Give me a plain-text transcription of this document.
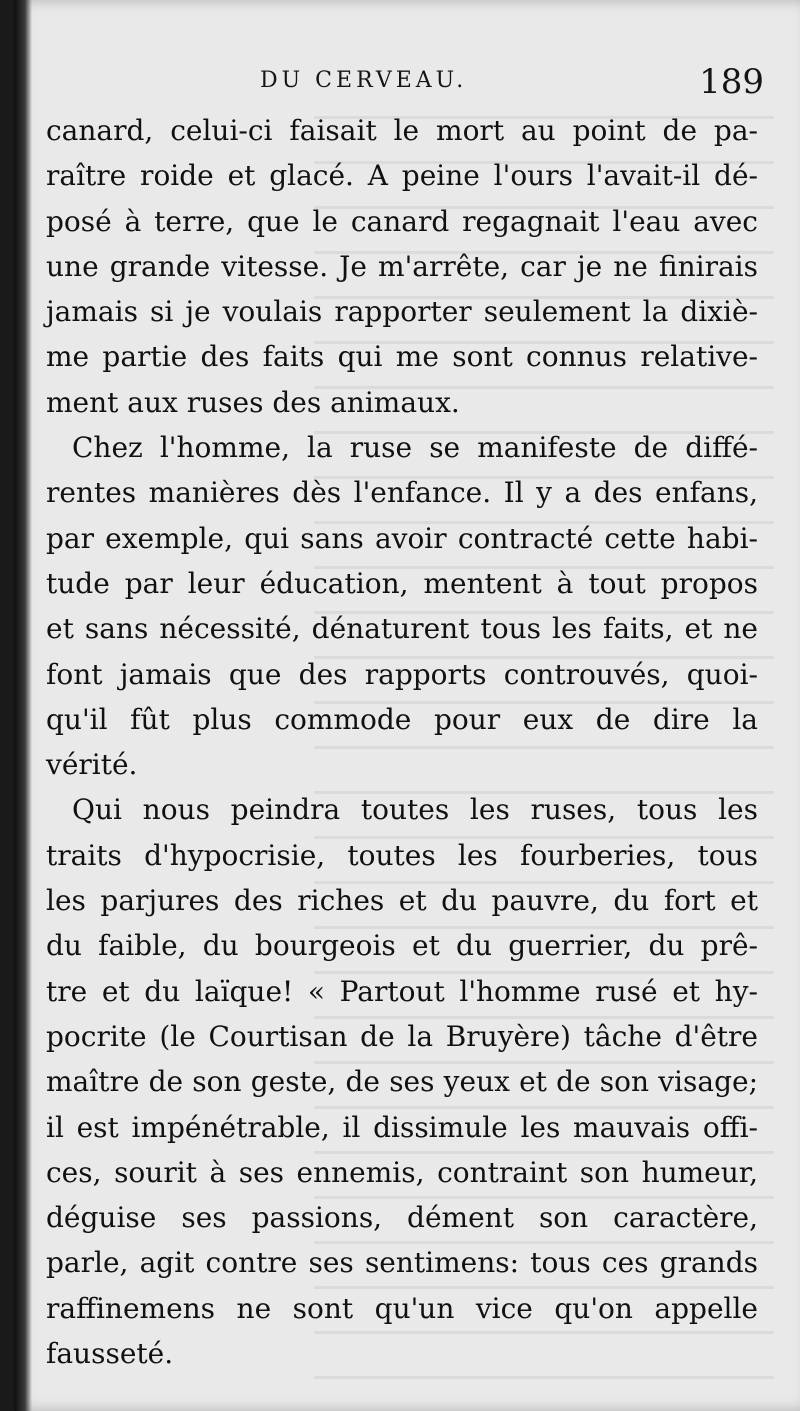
DU CERVEAU.	189
canard, celui-ci faisait le mort au point de pa-
raître roide et glacé. A peine l'ours l'avait-il dé-
posé à terre, que le canard regagnait l'eau avec
une grande vitesse. Je m'arrête, car je ne finirais
jamais si je voulais rapporter seulement la dixiè-
me partie des faits qui me sont connus relative-
ment aux ruses des animaux.
Chez l'homme, la ruse se manifeste de diffé-
rentes manières dès l'enfance. Il y a des enfans,
par exemple, qui sans avoir contracté cette habi-
tude par leur éducation, mentent à tout propos
et sans nécessité, dénaturent tous les faits, et ne
font jamais que des rapports controuvés, quoi-
qu'il fût plus commode pour eux de dire la
vérité.
Qui nous peindra toutes les ruses, tous les
traits d'hypocrisie, toutes les fourberies, tous
les parjures des riches et du pauvre, du fort et
du faible, du bourgeois et du guerrier, du prê-
tre et du laïque! « Partout l'homme rusé et hy-
pocrite (le Courtisan de la Bruyère) tâche d'être
maître de son geste, de ses yeux et de son visage;
il est impénétrable, il dissimule les mauvais offi-
ces, sourit à ses ennemis, contraint son humeur,
déguise ses passions, dément son caractère,
parle, agit contre ses sentimens: tous ces grands
raffinemens ne sont qu'un vice qu'on appelle
fausseté.
